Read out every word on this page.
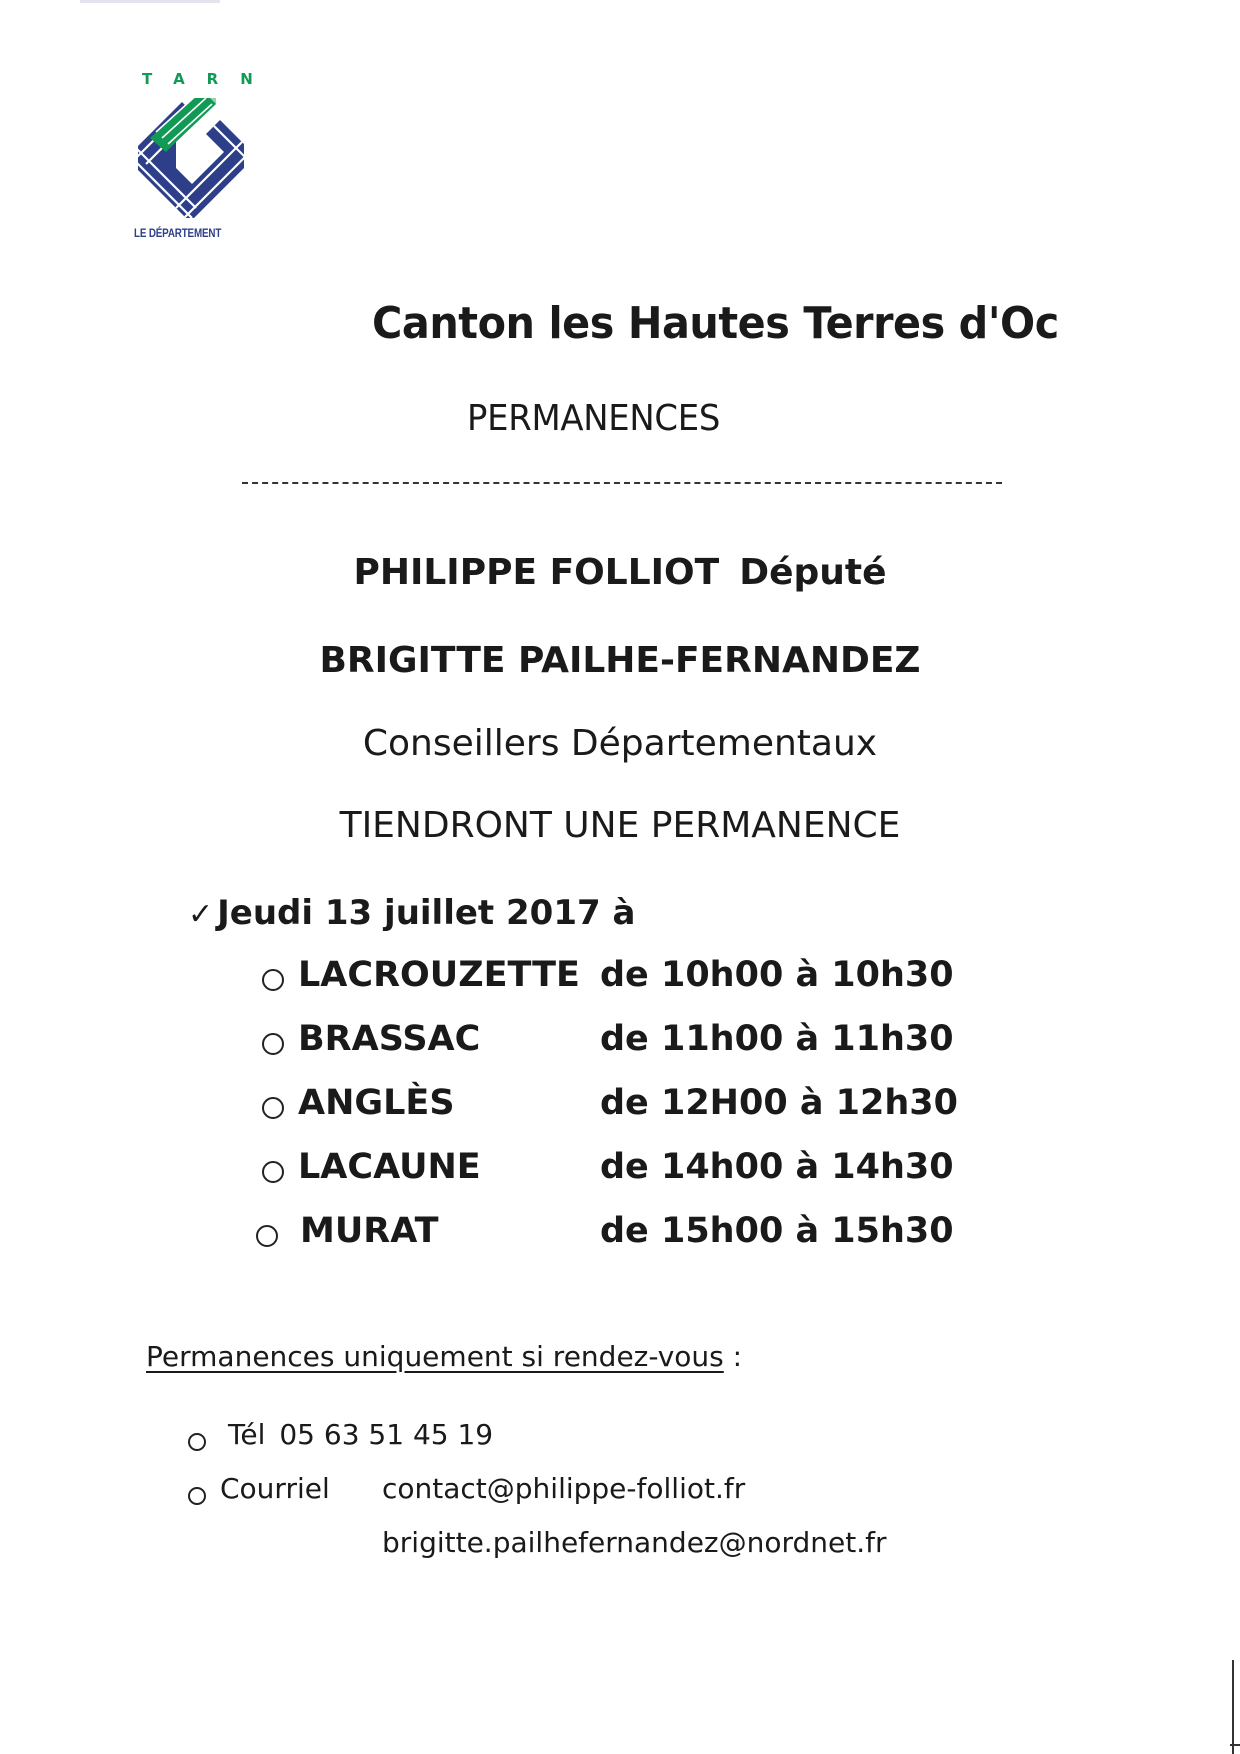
TARN
LE DÉPARTEMENT
Canton les Hautes Terres d'Oc
PERMANENCES
PHILIPPE FOLLIOT Député
BRIGITTE PAILHE-FERNANDEZ
Conseillers Départementaux
TIENDRONT UNE PERMANENCE
✓ Jeudi 13 juillet 2017 à
LACROUZETTE de 10h00 à 10h30
BRASSAC	de 11h00 à 11h30
ANGLÈS	de 12H00 à 12h30
LACAUNE	de 14h00 à 14h30
MURAT	de 15h00 à 15h30
Permanences uniquement si rendez-vous :
Tél 05 63 51 45 19
Courriel contact@philippe-folliot.fr
brigitte.pailhefernandez@nordnet.fr
